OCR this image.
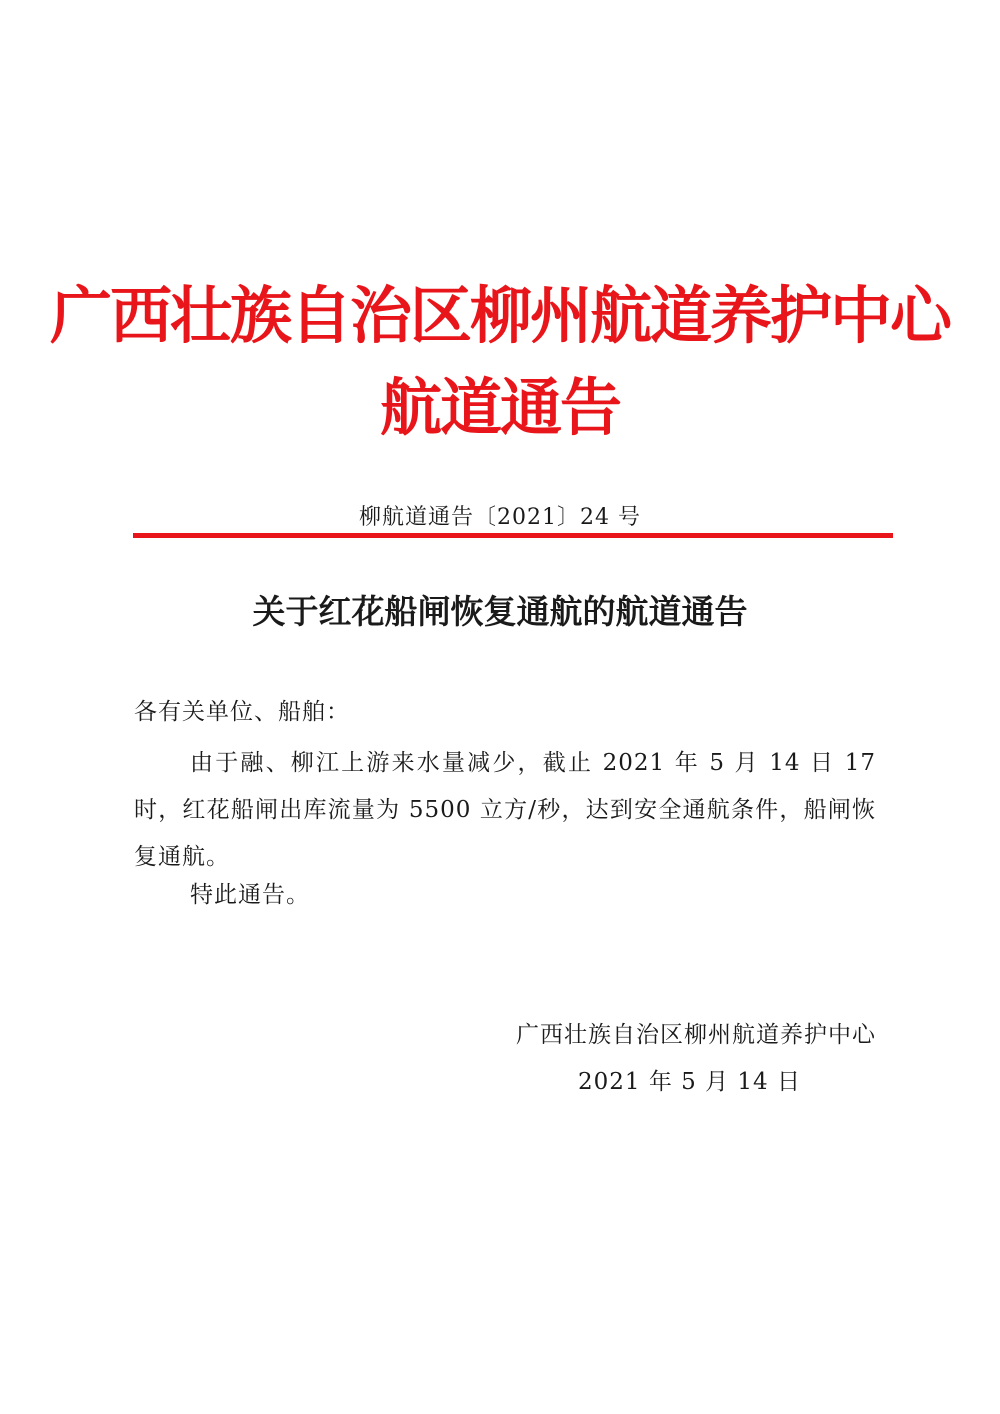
广西壮族自治区柳州航道养护中心
航道通告
柳航道通告〔2021〕24 号
关于红花船闸恢复通航的航道通告
各有关单位、船舶：

由于融、柳江上游来水量减少，截止 2021 年 5 月 14 日 17 时，红花船闸出库流量为 5500 立方/秒，达到安全通航条件，船闸恢复通航。

特此通告。
广西壮族自治区柳州航道养护中心
2021 年 5 月 14 日
